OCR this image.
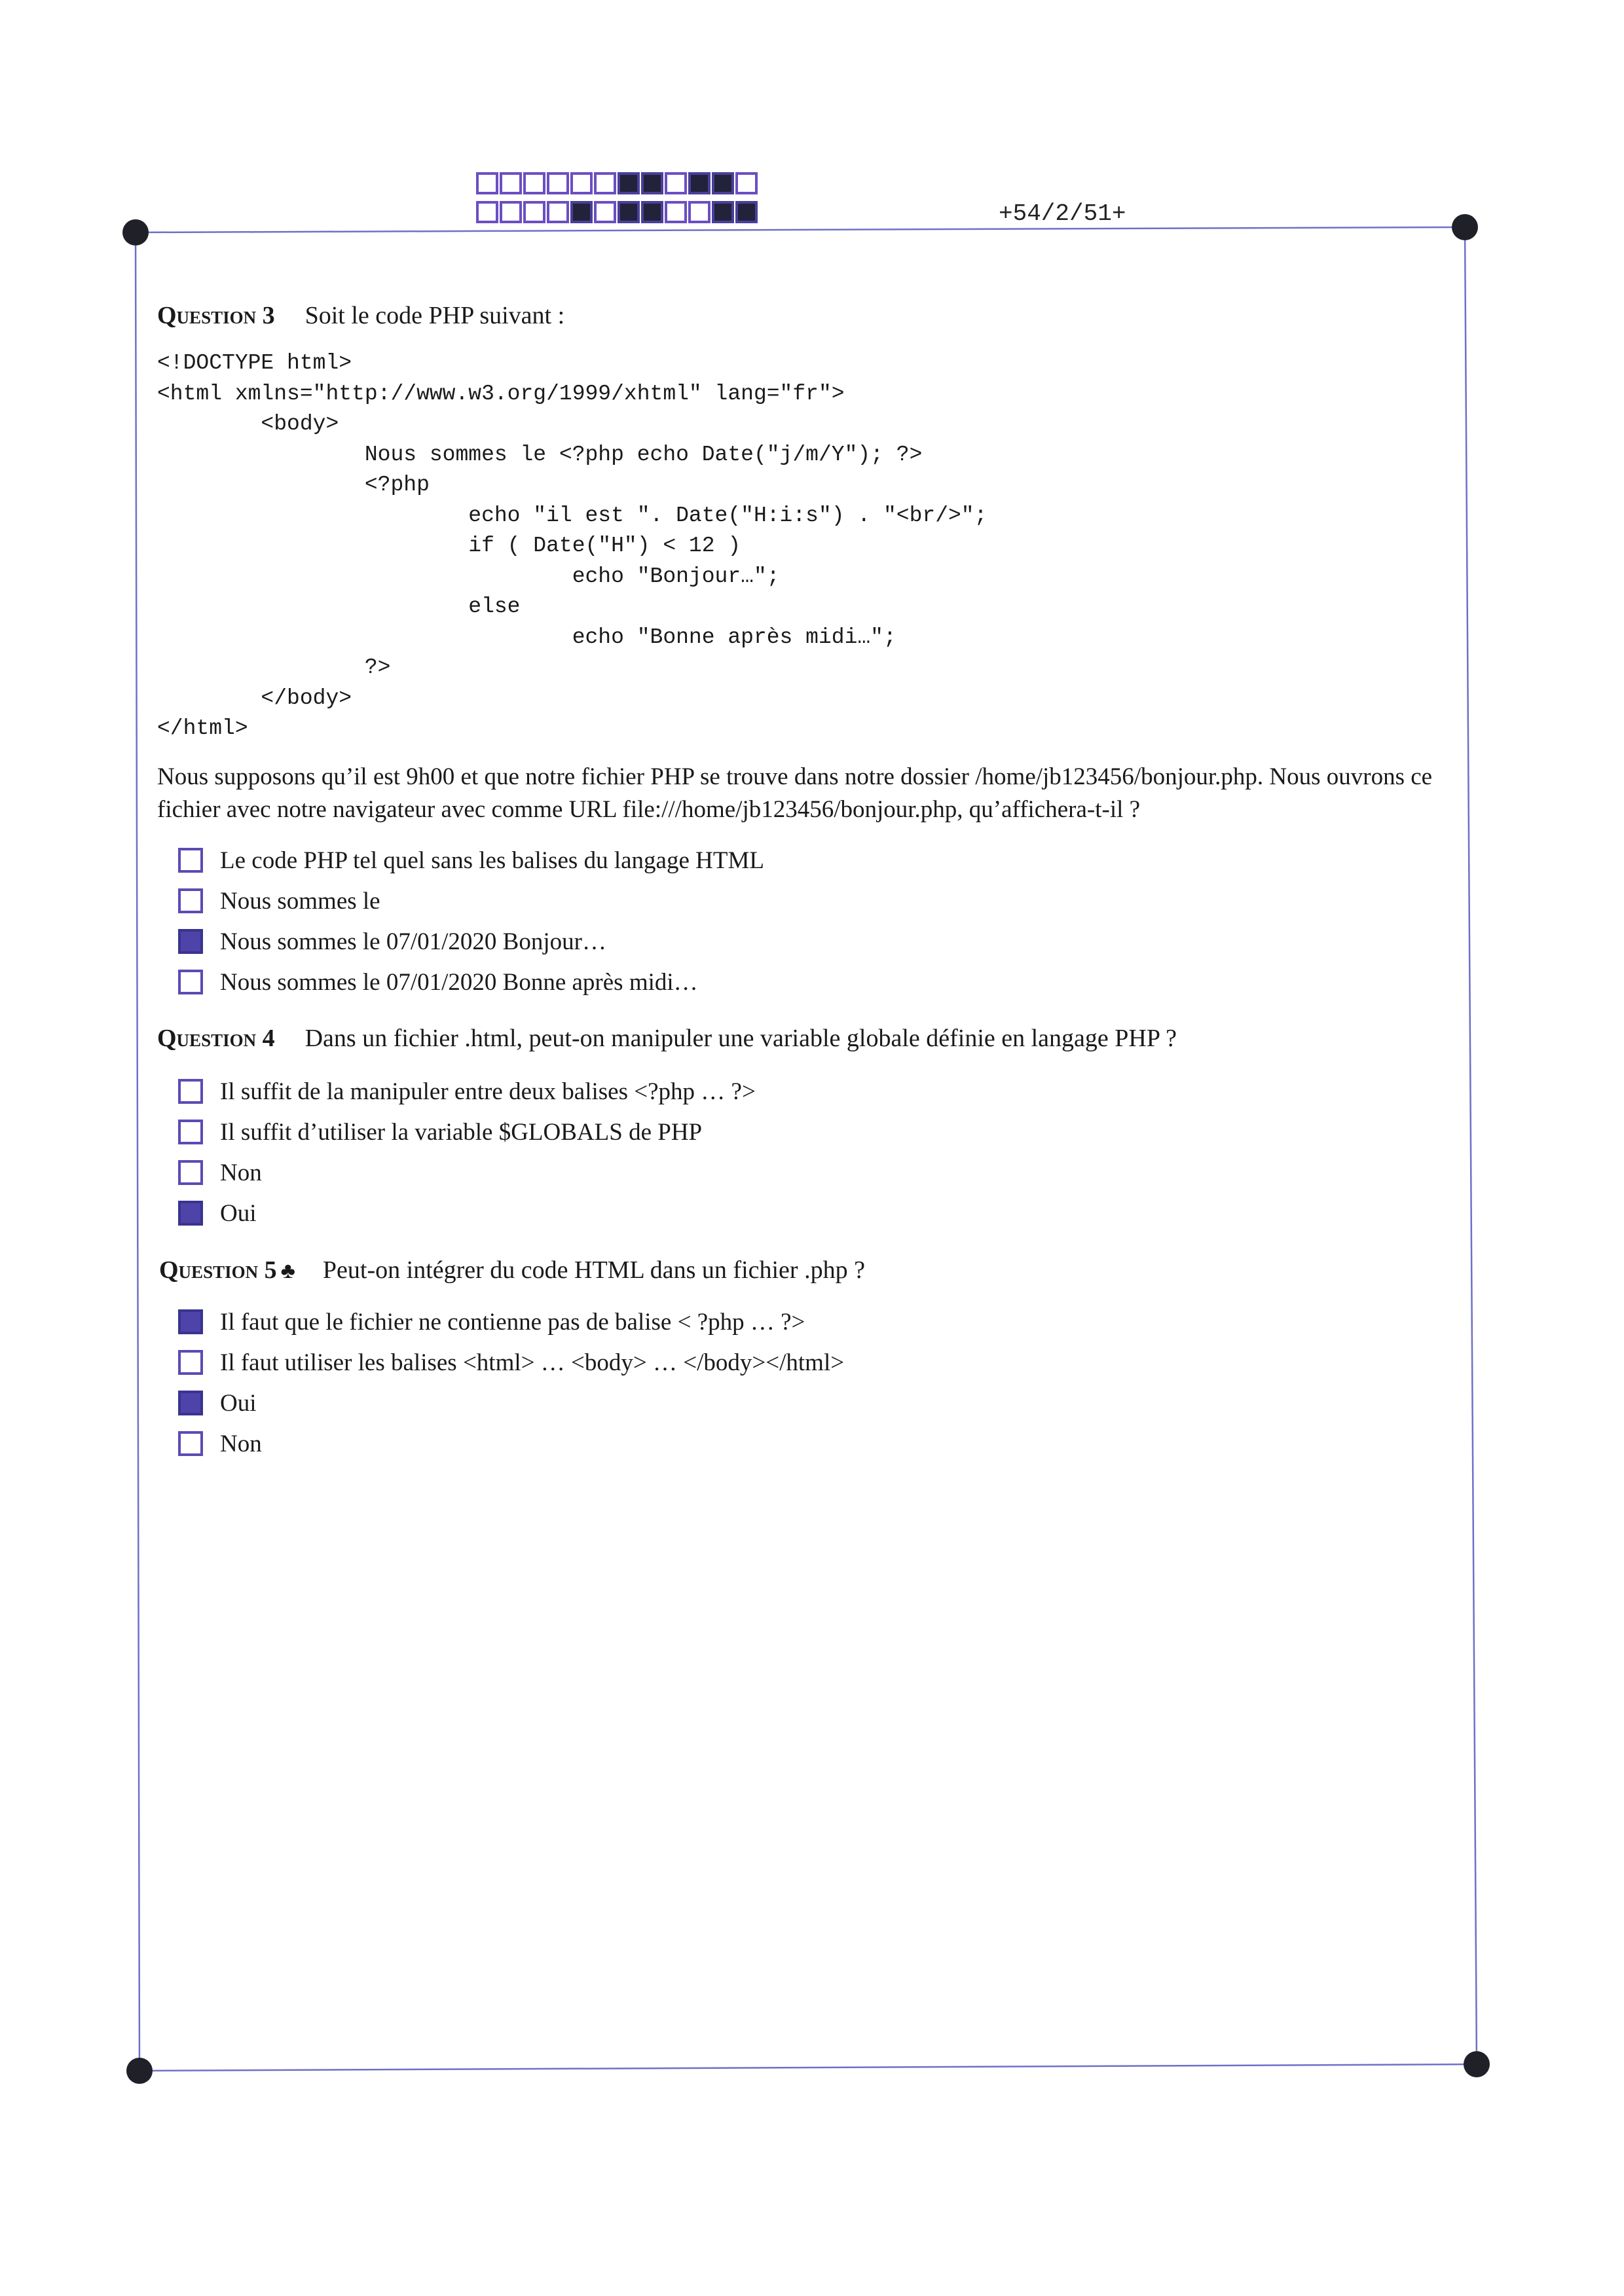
+54/2/51+
Question 3 Soit le code PHP suivant :
<!DOCTYPE html>
<html xmlns="http://www.w3.org/1999/xhtml" lang="fr">
<body>
Nous sommes le <?php echo Date("j/m/Y"); ?>
<?php
echo "il est ". Date("H:i:s") . "<br/>";
if ( Date("H") < 12 )
echo "Bonjour…";
else
echo "Bonne après midi…";
?>
</body>
</html>

Nous supposons qu’il est 9h00 et que notre fichier PHP se trouve dans notre dossier /home/jb123456/bonjour.php. Nous ouvrons ce fichier avec notre navigateur avec comme URL file:///home/jb123456/bonjour.php, qu’affichera-t-il ?

Le code PHP tel quel sans les balises du langage HTML
Nous sommes le
Nous sommes le 07/01/2020 Bonjour…
Nous sommes le 07/01/2020 Bonne après midi…
Question 4 Dans un fichier .html, peut-on manipuler une variable globale définie en langage PHP ?
Il suffit de la manipuler entre deux balises <?php … ?>
Il suffit d’utiliser la variable $GLOBALS de PHP
Non
Oui
Question 5 ♣ Peut-on intégrer du code HTML dans un fichier .php ?
Il faut que le fichier ne contienne pas de balise < ?php … ?>
Il faut utiliser les balises <html> … <body> … </body></html>
Oui
Non
